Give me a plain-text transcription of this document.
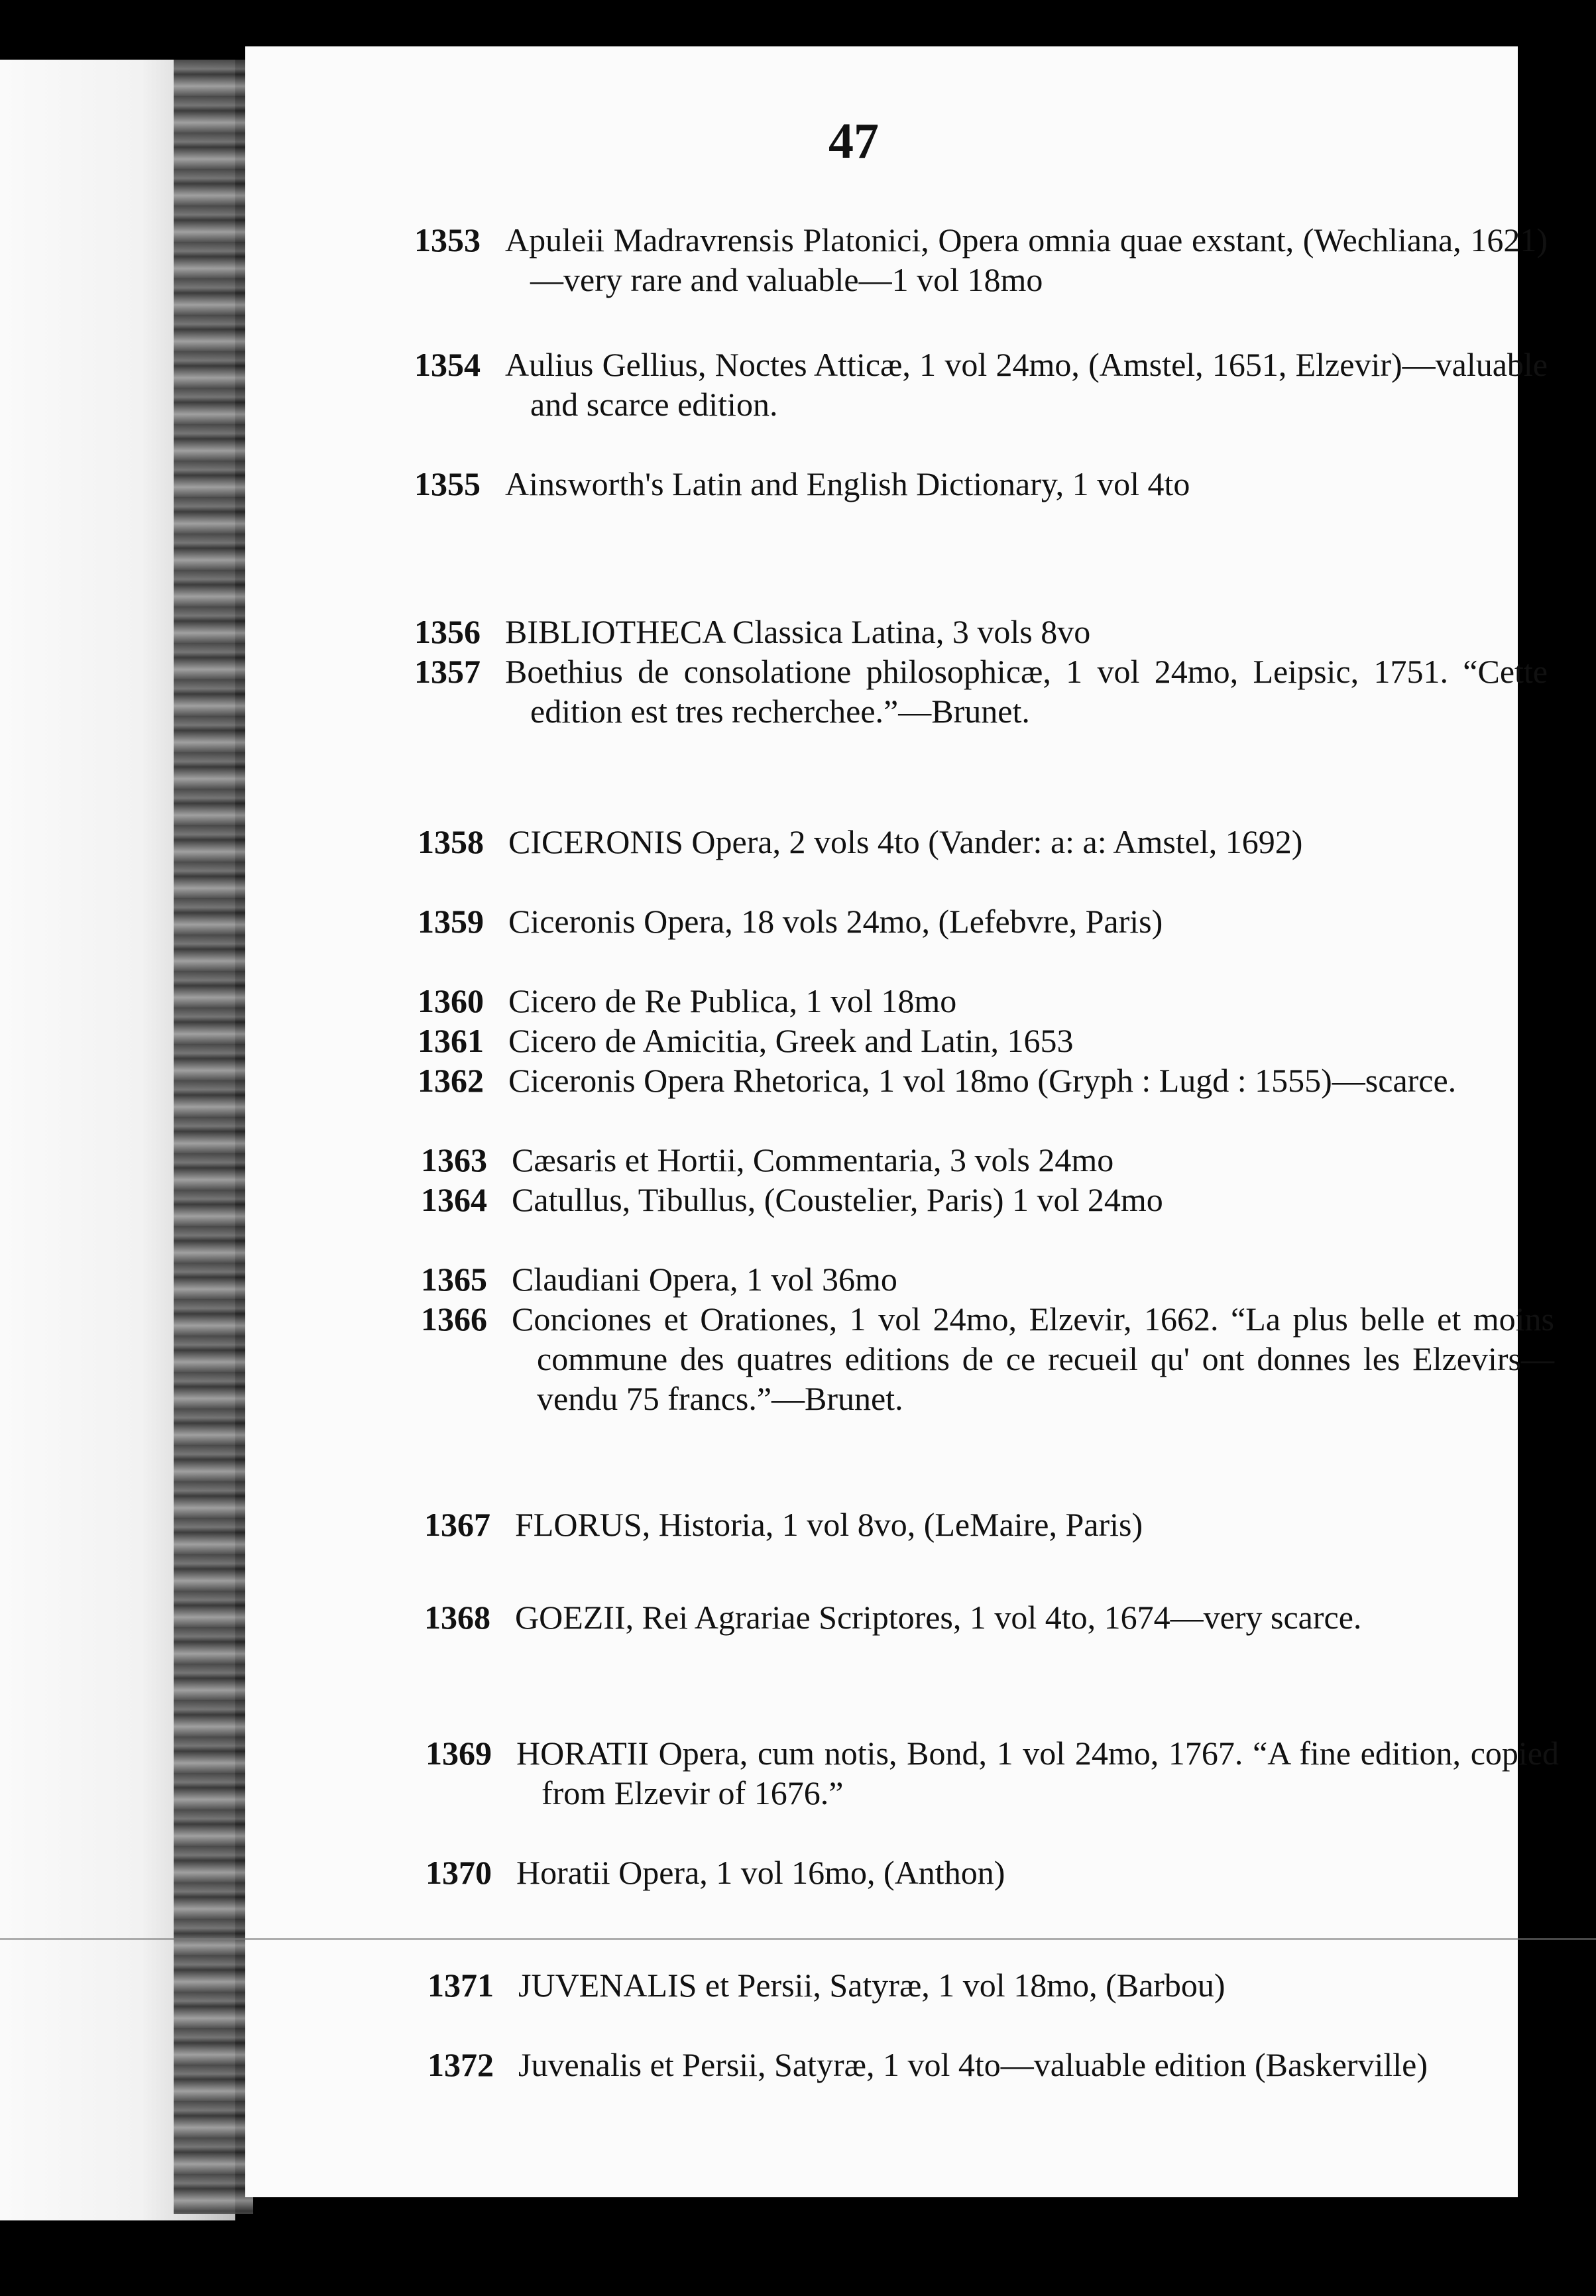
47
1353 Apuleii Madravrensis Platonici, Opera omnia quae exstant, (Wechliana, 1621)—very rare and valuable—1 vol 18mo
1354 Aulius Gellius, Noctes Atticæ, 1 vol 24mo, (Amstel, 1651, Elzevir)—valuable and scarce edition.
1355 Ainsworth's Latin and English Dictionary, 1 vol 4to
1356 BIBLIOTHECA Classica Latina, 3 vols 8vo
1357 Boethius de consolatione philosophicæ, 1 vol 24mo, Leipsic, 1751. “Cette edition est tres recherchee.”—Brunet.
1358 CICERONIS Opera, 2 vols 4to (Vander: a: a: Amstel, 1692)
1359 Ciceronis Opera, 18 vols 24mo, (Lefebvre, Paris)
1360 Cicero de Re Publica, 1 vol 18mo
1361 Cicero de Amicitia, Greek and Latin, 1653
1362 Ciceronis Opera Rhetorica, 1 vol 18mo (Gryph : Lugd : 1555)—scarce.
1363 Cæsaris et Hortii, Commentaria, 3 vols 24mo
1364 Catullus, Tibullus, (Coustelier, Paris) 1 vol 24mo
1365 Claudiani Opera, 1 vol 36mo
1366 Conciones et Orationes, 1 vol 24mo, Elzevir, 1662. “La plus belle et moins commune des quatres editions de ce recueil qu' ont donnes les Elzevirs—vendu 75 francs.”—Brunet.
1367 FLORUS, Historia, 1 vol 8vo, (LeMaire, Paris)
1368 GOEZII, Rei Agrariae Scriptores, 1 vol 4to, 1674—very scarce.
1369 HORATII Opera, cum notis, Bond, 1 vol 24mo, 1767. “A fine edition, copied from Elzevir of 1676.”
1370 Horatii Opera, 1 vol 16mo, (Anthon)
1371 JUVENALIS et Persii, Satyræ, 1 vol 18mo, (Barbou)
1372 Juvenalis et Persii, Satyræ, 1 vol 4to—valuable edition (Baskerville)
